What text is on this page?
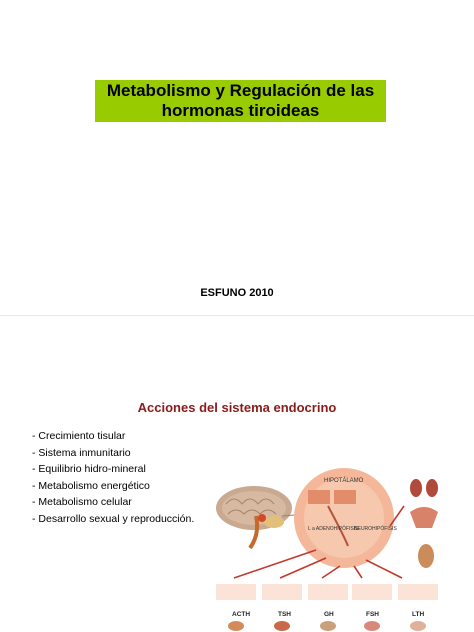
Metabolismo y Regulación de las
hormonas tiroideas
ESFUNO 2010
Acciones del sistema endocrino
- Crecimiento tisular
- Sistema inmunitario
- Equilibrio hidro-mineral
- Metabolismo energético
- Metabolismo celular
- Desarrollo sexual y reproducción.
HIPOTÁLAMO
L a ADENOHIPÓFISIS
NEUROHIPÓFISIS
ACTH	TSH	GH	FSH	LTH
